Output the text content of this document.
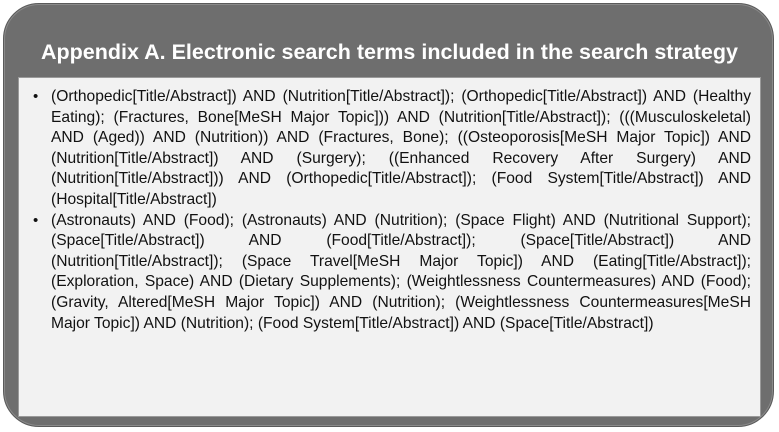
Appendix A. Electronic search terms included in the search strategy
• (Orthopedic[Title/Abstract]) AND (Nutrition[Title/Abstract]); (Orthopedic[Title/Abstract]) AND (Healthy Eating); (Fractures, Bone[MeSH Major Topic])) AND (Nutrition[Title/Abstract]); (((Musculoskeletal) AND (Aged)) AND (Nutrition)) AND (Fractures, Bone); ((Osteoporosis[MeSH Major Topic]) AND (Nutrition[Title/Abstract]) AND (Surgery); ((Enhanced Recovery After Surgery) AND (Nutrition[Title/Abstract])) AND (Orthopedic[Title/Abstract]); (Food System[Title/Abstract]) AND (Hospital[Title/Abstract])
• (Astronauts) AND (Food); (Astronauts) AND (Nutrition); (Space Flight) AND (Nutritional Support); (Space[Title/Abstract]) AND (Food[Title/Abstract]); (Space[Title/Abstract]) AND (Nutrition[Title/Abstract]); (Space Travel[MeSH Major Topic]) AND (Eating[Title/Abstract]); (Exploration, Space) AND (Dietary Supplements); (Weightlessness Countermeasures) AND (Food); (Gravity, Altered[MeSH Major Topic]) AND (Nutrition); (Weightlessness Countermeasures[MeSH Major Topic]) AND (Nutrition); (Food System[Title/Abstract]) AND (Space[Title/Abstract])
